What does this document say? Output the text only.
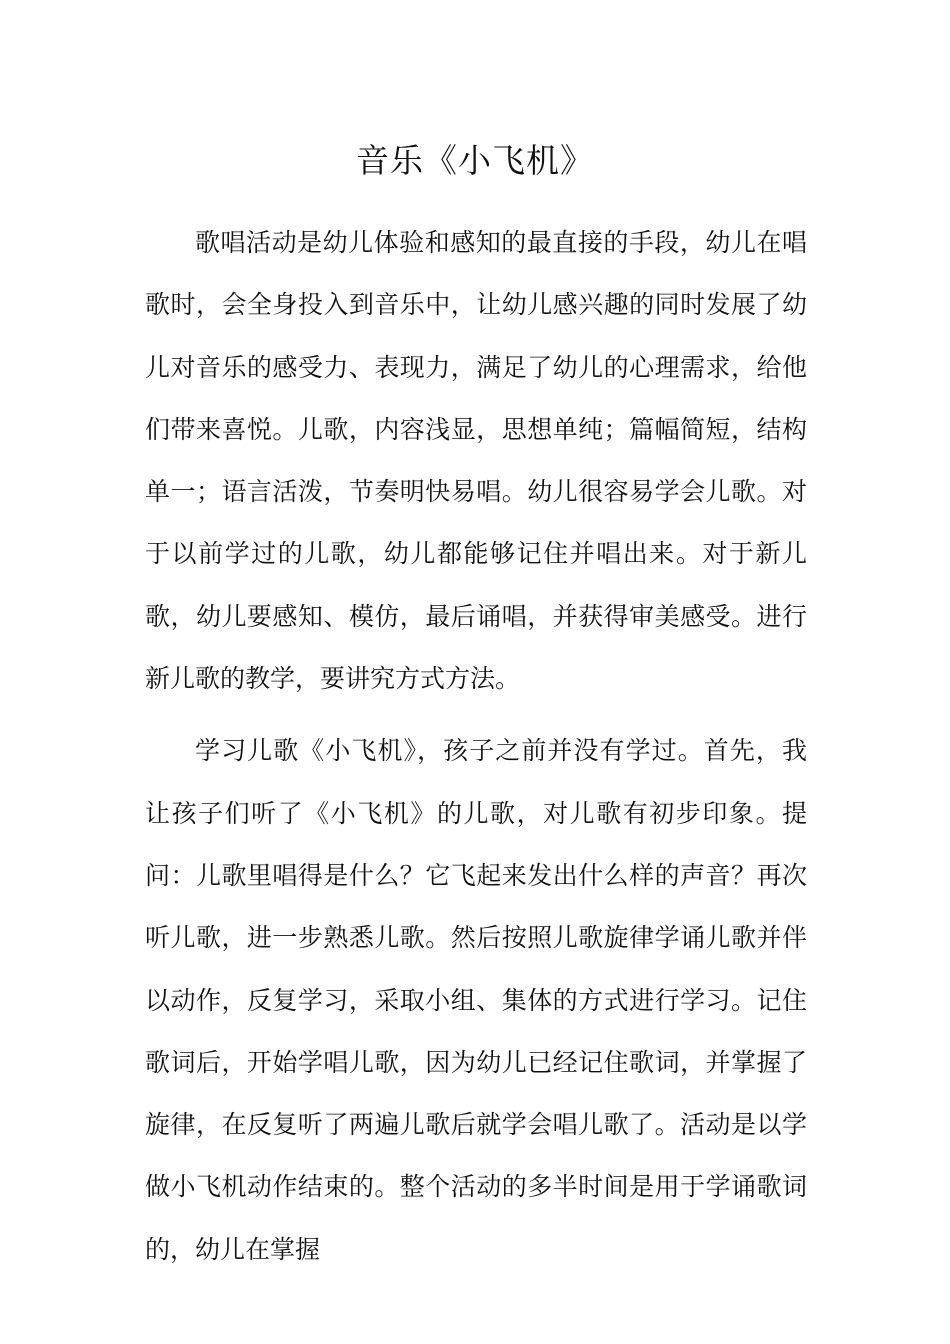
音乐《小飞机》

歌唱活动是幼儿体验和感知的最直接的手段，幼儿在唱歌时，会全身投入到音乐中，让幼儿感兴趣的同时发展了幼儿对音乐的感受力、表现力，满足了幼儿的心理需求，给他们带来喜悦。儿歌，内容浅显，思想单纯；篇幅简短，结构单一；语言活泼，节奏明快易唱。幼儿很容易学会儿歌。对于以前学过的儿歌，幼儿都能够记住并唱出来。对于新儿歌，幼儿要感知、模仿，最后诵唱，并获得审美感受。进行新儿歌的教学，要讲究方式方法。

学习儿歌《小飞机》，孩子之前并没有学过。首先，我让孩子们听了《小飞机》的儿歌，对儿歌有初步印象。提问：儿歌里唱得是什么？它飞起来发出什么样的声音？再次听儿歌，进一步熟悉儿歌。然后按照儿歌旋律学诵儿歌并伴以动作，反复学习，采取小组、集体的方式进行学习。记住歌词后，开始学唱儿歌，因为幼儿已经记住歌词，并掌握了旋律，在反复听了两遍儿歌后就学会唱儿歌了。活动是以学做小飞机动作结束的。整个活动的多半时间是用于学诵歌词的，幼儿在掌握
